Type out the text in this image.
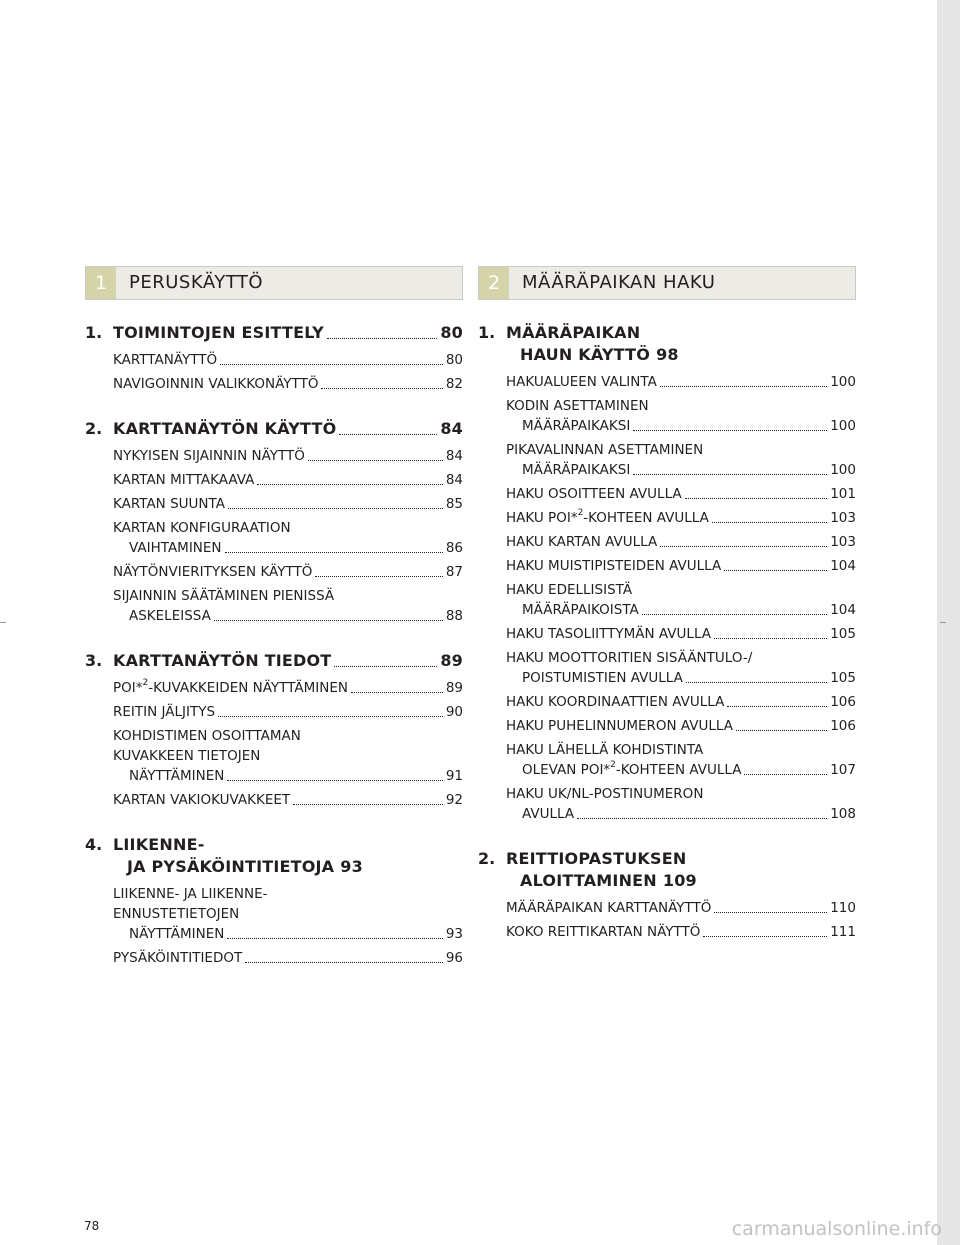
1	PERUSKÄYTTÖ
1. TOIMINTOJEN ESITTELY	80
KARTTANÄYTTÖ	80
NAVIGOINNIN VALIKKONÄYTTÖ	82
2. KARTTANÄYTÖN KÄYTTÖ	84
NYKYISEN SIJAINNIN NÄYTTÖ	84
KARTAN MITTAKAAVA	84
KARTAN SUUNTA	85
KARTAN KONFIGURAATION
VAIHTAMINEN	86
NÄYTÖNVIERITYKSEN KÄYTTÖ	87
SIJAINNIN SÄÄTÄMINEN PIENISSÄ
ASKELEISSA	88
3. KARTTANÄYTÖN TIEDOT	89
POI*$^2$-KUVAKKEIDEN NÄYTTÄMINEN	89
REITIN JÄLJITYS	90
KOHDISTIMEN OSOITTAMAN
KUVAKKEEN TIETOJEN
NÄYTTÄMINEN	91
KARTAN VAKIOKUVAKKEET	92
4. LIIKENNE-
JA PYSÄKÖINTITIETOJA 93
LIIKENNE- JA LIIKENNE-
ENNUSTETIETOJEN
NÄYTTÄMINEN	93
PYSÄKÖINTITIEDOT	96
2	MÄÄRÄPAIKAN HAKU
1. MÄÄRÄPAIKAN
HAUN KÄYTTÖ 98
HAKUALUEEN VALINTA	100
KODIN ASETTAMINEN
MÄÄRÄPAIKAKSI	100
PIKAVALINNAN ASETTAMINEN
MÄÄRÄPAIKAKSI	100
HAKU OSOITTEEN AVULLA	101
HAKU POI*$^2$-KOHTEEN AVULLA	103
HAKU KARTAN AVULLA	103
HAKU MUISTIPISTEIDEN AVULLA	104
HAKU EDELLISISTÄ
MÄÄRÄPAIKOISTA	104
HAKU TASOLIITTYMÄN AVULLA	105
HAKU MOOTTORITIEN SISÄÄNTULO-/
POISTUMISTIEN AVULLA	105
HAKU KOORDINAATTIEN AVULLA	106
HAKU PUHELINNUMERON AVULLA	106
HAKU LÄHELLÄ KOHDISTINTA
OLEVAN POI*$^2$-KOHTEEN AVULLA	107
HAKU UK/NL-POSTINUMERON
AVULLA	108
2. REITTIOPASTUKSEN
ALOITTAMINEN 109
MÄÄRÄPAIKAN KARTTANÄYTTÖ	110
KOKO REITTIKARTAN NÄYTTÖ	111
78	carmanualsonline.info
